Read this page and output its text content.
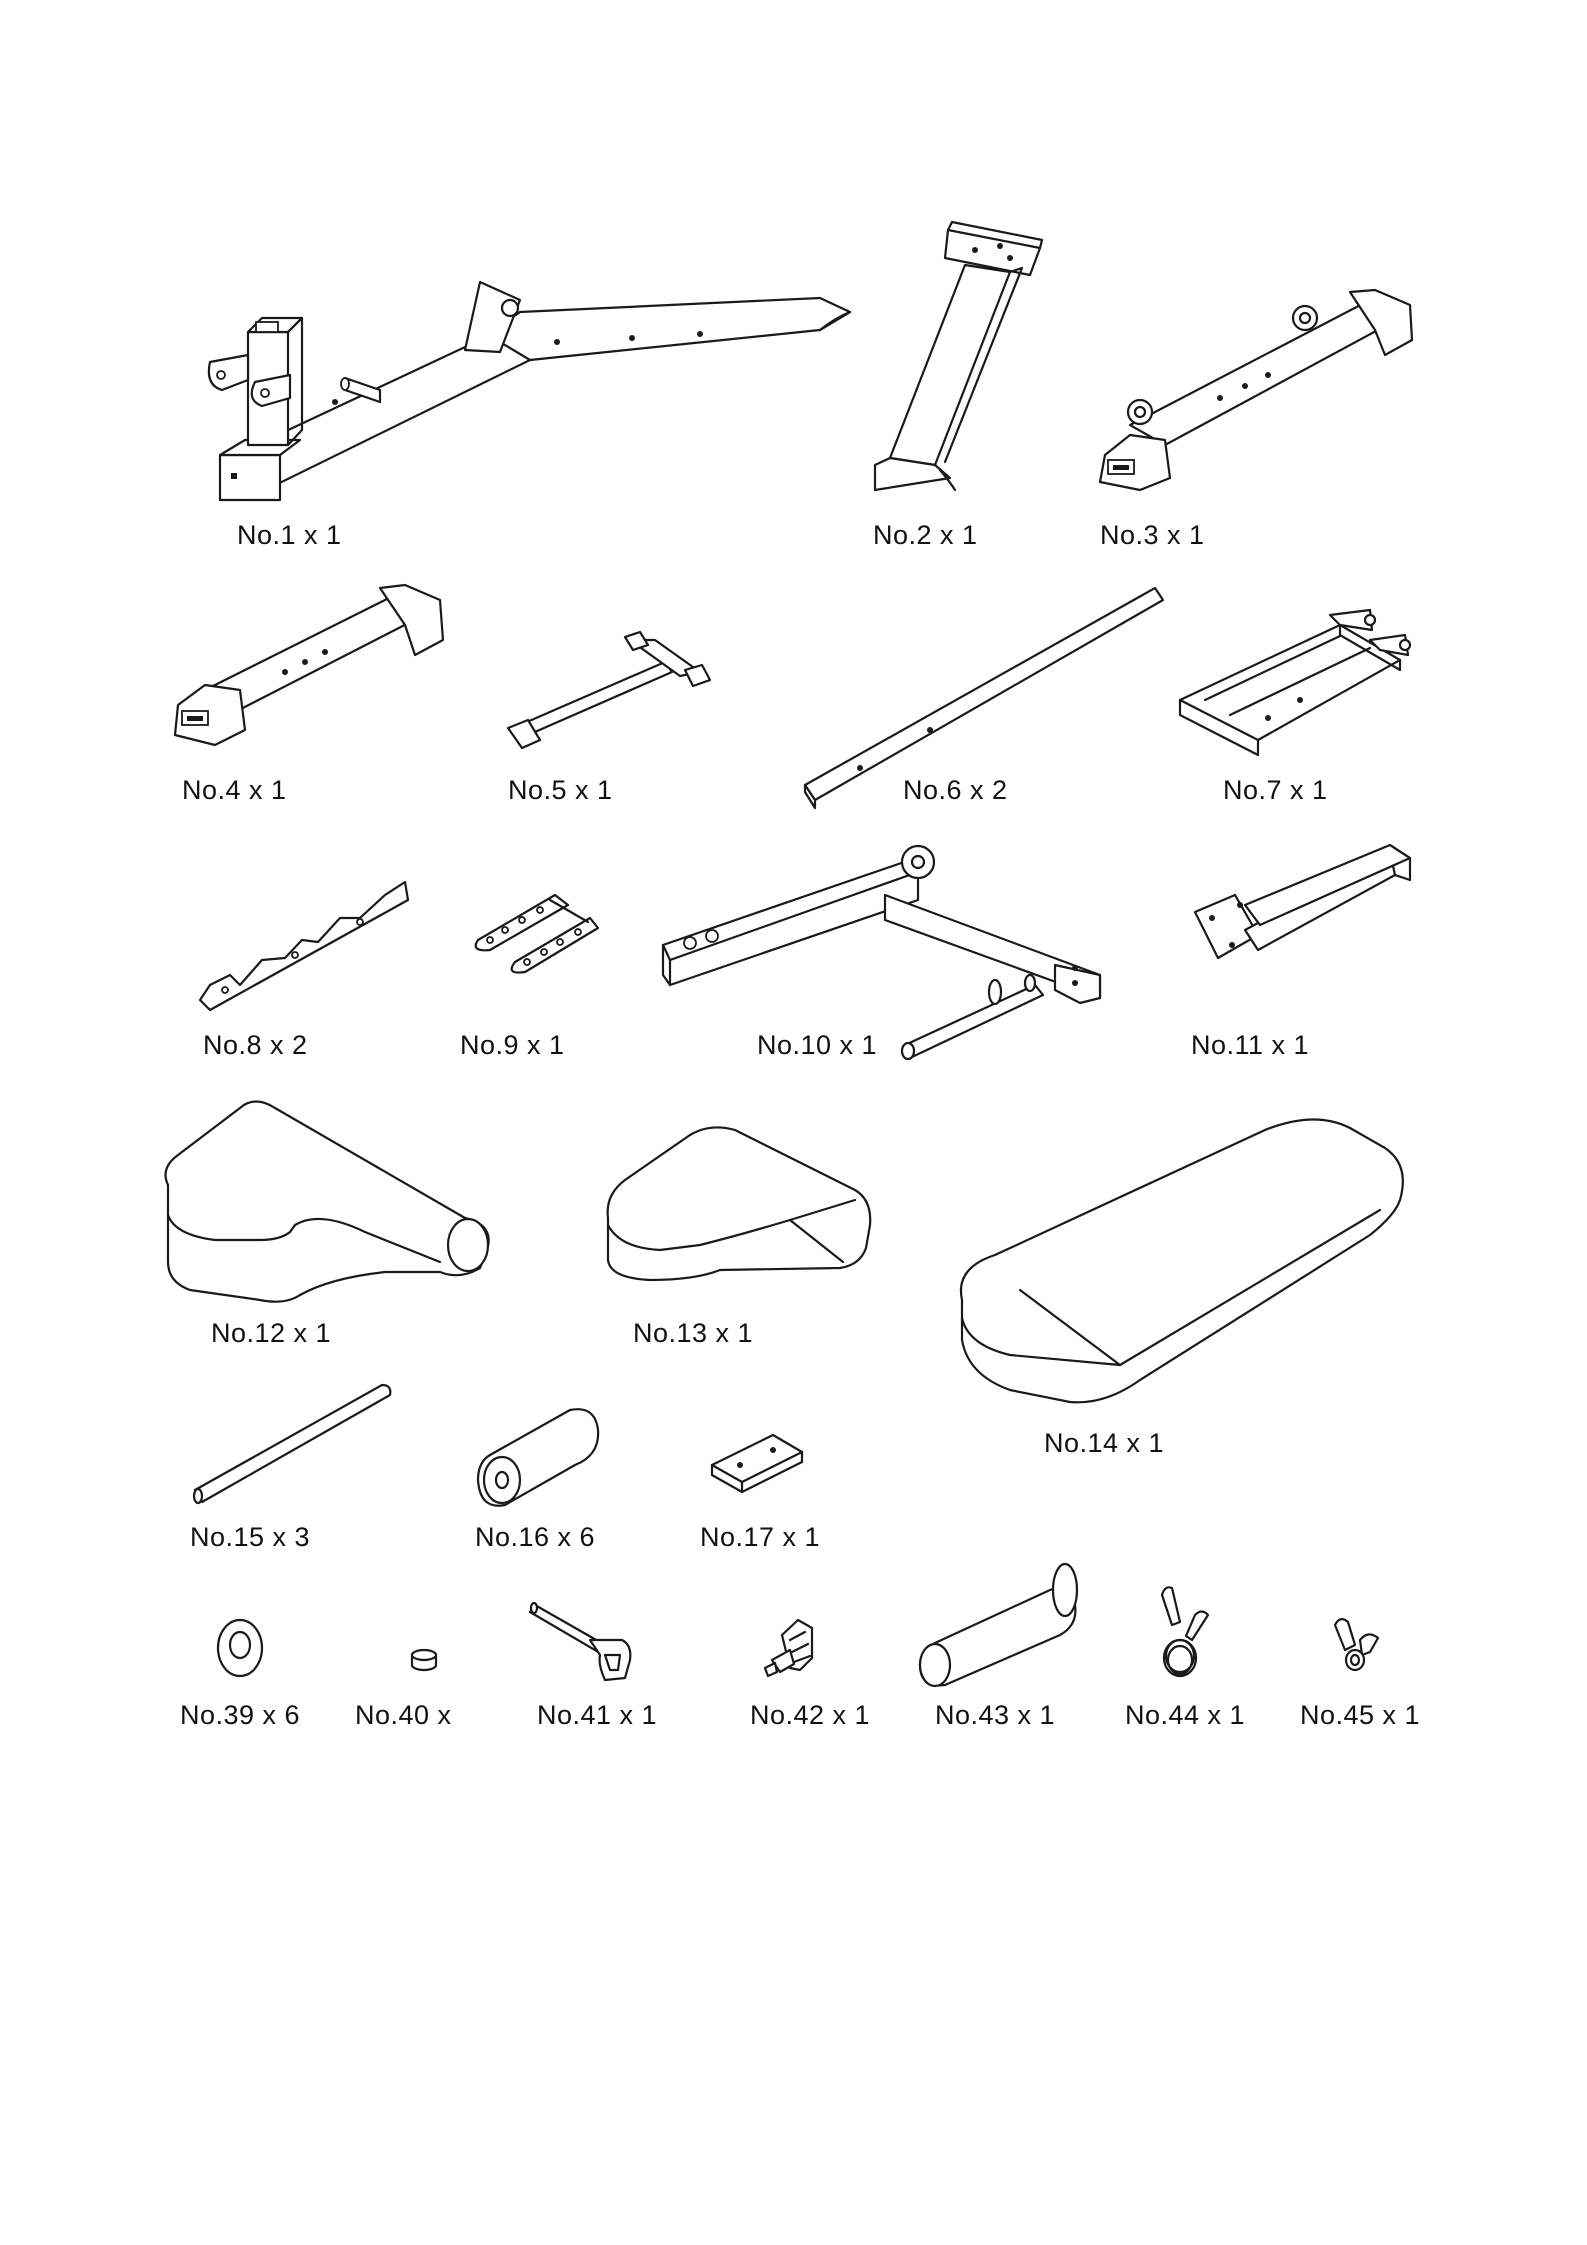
No.1 x 1	No.2 x 1	No.3 x 1
No.4 x 1	No.5 x 1	No.6 x 2	No.7 x 1
No.8 x 2	No.9 x 1	No.10 x 1	No.11 x 1
No.12 x 1	No.13 x 1
No.14 x 1
No.15 x 3	No.16 x 6	No.17 x 1
No.39 x 6 No.40 x	No.41 x 1	No.42 x 1 No.43 x 1	No.44 x 1 No.45 x 1
